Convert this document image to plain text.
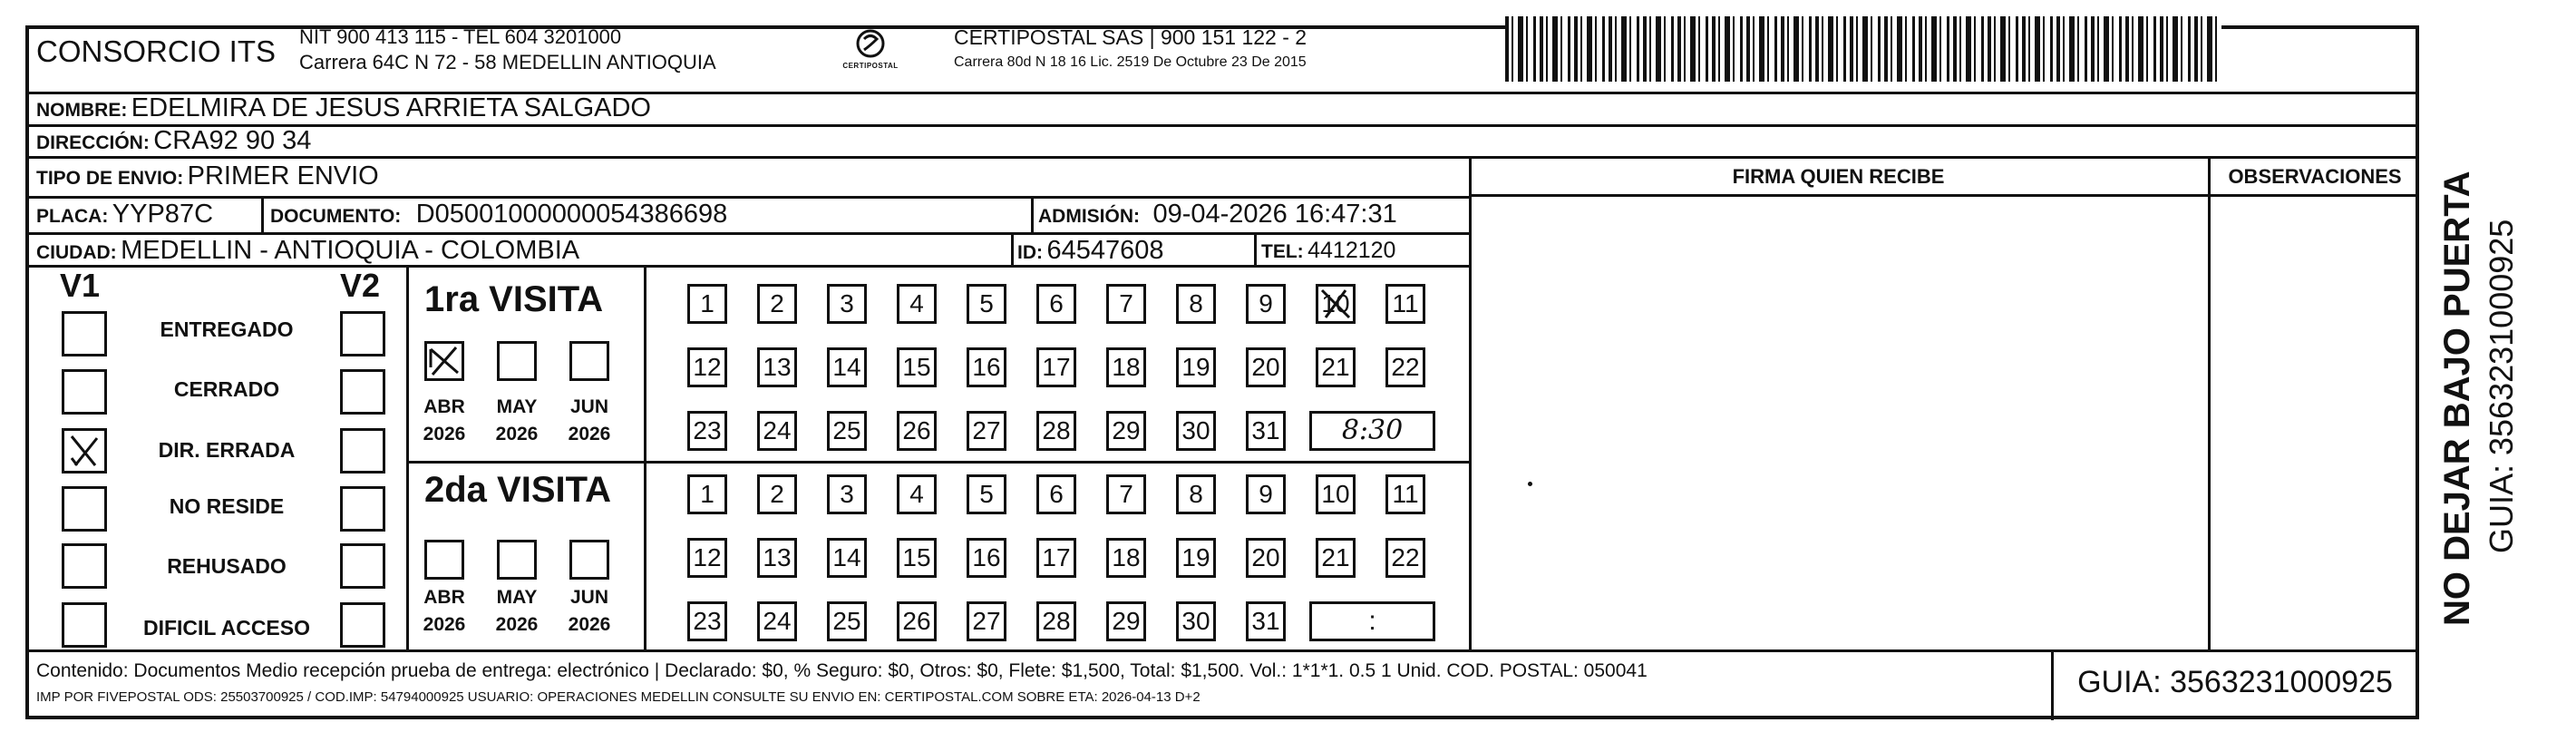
CONSORCIO ITS NIT 900 413 115 - TEL 604 3201000
Carrera 64C N 72 - 58 MEDELLIN ANTIOQUIA	CERTIPOSTAL
CERTIPOSTAL SAS | 900 151 122 - 2
Carrera 80d N 18 16 Lic. 2519 De Octubre 23 De 2015
NOMBRE: EDELMIRA DE JESUS ARRIETA SALGADO
DIRECCIÓN: CRA92 90 34
TIPO DE ENVIO: PRIMER ENVIO
PLACA: YYP87C	DOCUMENTO: D05001000000054386698	ADMISIÓN: 09-04-2026 16:47:31
CIUDAD: MEDELLIN - ANTIOQUIA - COLOMBIA	ID: 64547608	TEL: 4412120
FIRMA QUIEN RECIBE	OBSERVACIONES
V1	V2
ENTREGADO
CERRADO
DIR. ERRADA
NO RESIDE
REHUSADO
DIFICIL ACCESO
1ra VISITA
ABR	MAY	JUN
2026	2026	2026
1	2	3	4	5	6	7	8	9	10 11
12 13 14 15 16 17 18 19 20 21 22
23 24 25 26 27 28 29 30 31	8:30
2da VISITA
ABR	MAY	JUN
2026	2026	2026
1	2	3	4	5	6	7	8	9	10 11
12 13 14 15 16 17 18 19 20 21 22
23 24 25 26 27 28 29 30 31	:
Contenido: Documentos Medio recepción prueba de entrega: electrónico | Declarado: $0, % Seguro: $0, Otros: $0, Flete: $1,500, Total: $1,500. Vol.: 1*1*1. 0.5 1 Unid. COD. POSTAL: 050041
IMP POR FIVEPOSTAL ODS: 25503700925 / COD.IMP: 54794000925 USUARIO: OPERACIONES MEDELLIN CONSULTE SU ENVIO EN: CERTIPOSTAL.COM SOBRE ETA: 2026-04-13 D+2	GUIA: 3563231000925
NO DEJAR BAJO PUERTA GUIA: 3563231000925
